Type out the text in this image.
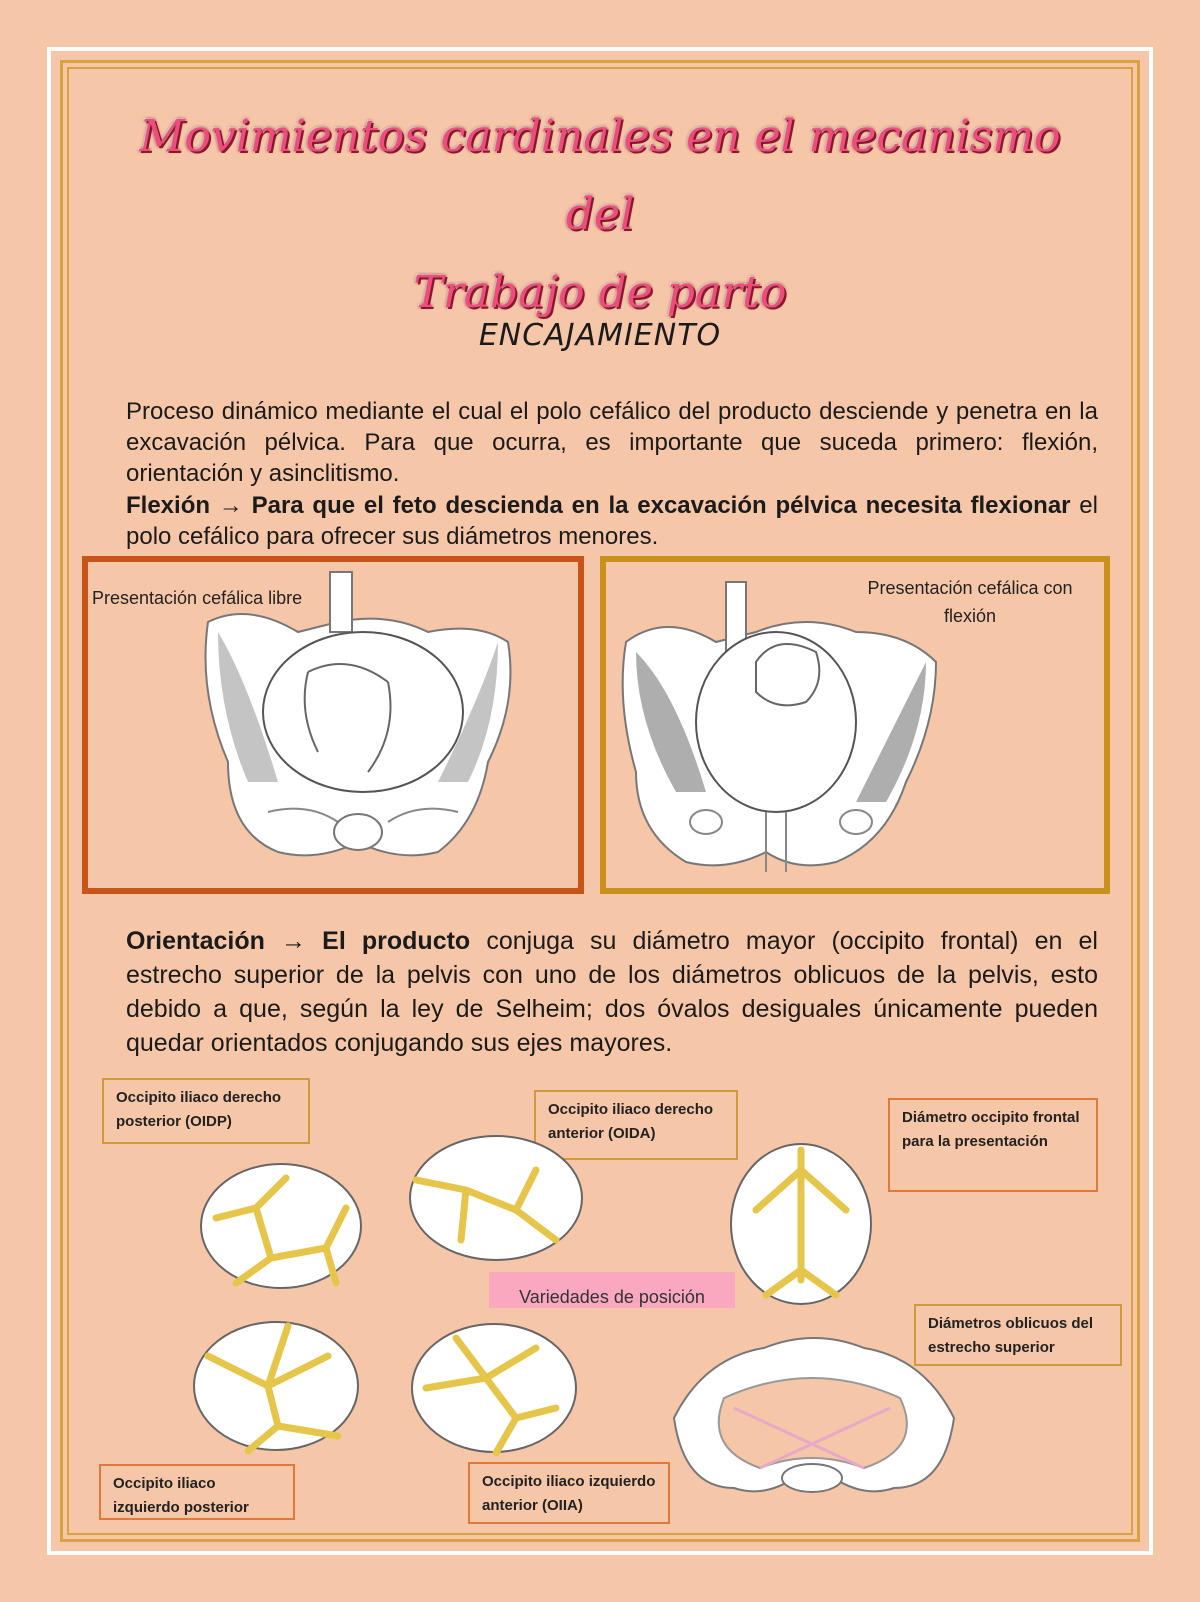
Movimientos cardinales en el mecanismo del
Trabajo de parto
ENCAJAMIENTO

Proceso dinámico mediante el cual el polo cefálico del producto desciende y penetra en la excavación pélvica. Para que ocurra, es importante que suceda primero: flexión, orientación y asinclitismo.

Flexión → Para que el feto descienda en la excavación pélvica necesita flexionar el polo cefálico para ofrecer sus diámetros menores.

Presentación cefálica libre	Presentación cefálica con flexión

Orientación → El producto conjuga su diámetro mayor (occipito frontal) en el estrecho superior de la pelvis con uno de los diámetros oblicuos de la pelvis, esto debido a que, según la ley de Selheim; dos óvalos desiguales únicamente pueden quedar orientados conjugando sus ejes mayores.

Occipito iliaco derecho posterior (OIDP)
Occipito iliaco derecho anterior (OIDA)
Diámetro occipito frontal para la presentación
Diámetros oblicuos del estrecho superior
Occipito iliaco izquierdo posterior
Occipito iliaco izquierdo anterior (OIIA)
Variedades de posición
